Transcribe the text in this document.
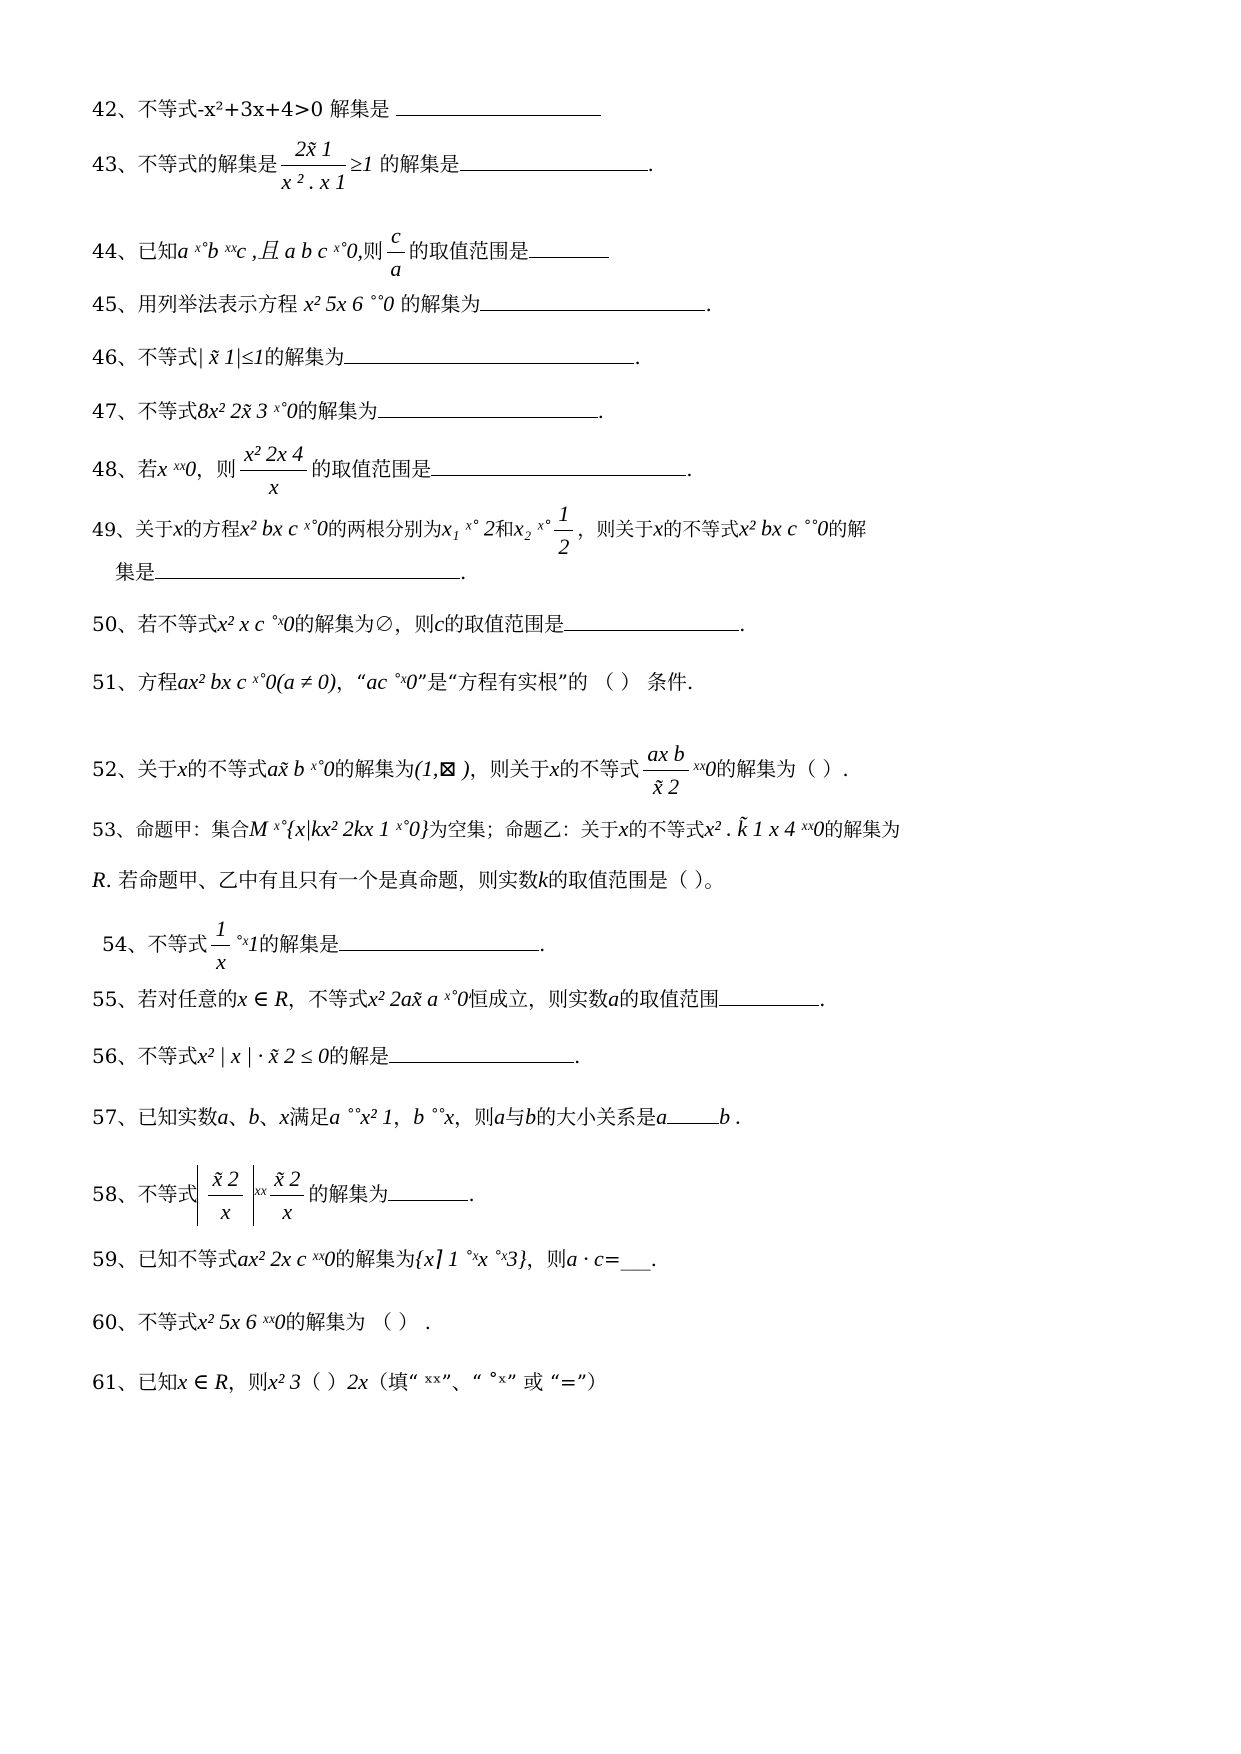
42、不等式-x²+3x+4>0 解集是
43、不等式的解集是 $\frac{2x̃ 1}{\text{x ² . x 1}} \ge 1$ 的解集是	.
44、已知a ˣ˚b ˣˣc ,且 a b c ˣ˚0,则 $\frac{c}{a}$ 的取值范围是
45、用列举法表示方程 x² 5x 6 ˚˚0 的解集为	.
46、不等式| x̃ 1|≤1的解集为	.
47、不等式8x² 2x̃ 3 ˣ˚0的解集为	.
48、若x ˣˣ0，则 $\frac{\text{x² 2x 4}}{x}$ 的取值范围是	.
49、关于x的方程x² bx c ˣ˚0的两根分别为x₁ ˣ˚ 2和x₂ ˣ˚ $\frac{1}{2}$ ，则关于x的不等式x² bx c ˚˚0的解
集是	.
50、若不等式x² x c ˚ˣ0的解集为∅，则c的取值范围是	.
51、方程ax² bx c ˣ˚0(a ≠ 0)，“ac ˚ˣ0”是“方程有实根”的 （ ） 条件.
52、关于x的不等式ax̃ b ˣ˚0的解集为(1,⊠ )，则关于x的不等式 $\frac{\text{ax b}}{x̃ 2}$ ˣˣ0的解集为（ ）.
53、命题甲：集合M ˣ˚{x|kx² 2kx 1 ˣ˚0}为空集；命题乙：关于x的不等式x² . k̃ 1 x 4 ˣˣ0的解集为
R. 若命题甲、乙中有且只有一个是真命题，则实数k的取值范围是（ ）。
54、不等式 $\frac{1}{x}$ ˚ˣ1的解集是	.
55、若对任意的x ∈ R，不等式x² 2ax̃ a ˣ˚0恒成立，则实数a的取值范围	.
56、不等式x² | x | · x̃ 2 ≤ 0的解是	.
57、已知实数a、b、x满足a ˚˚x² 1，b ˚˚x，则a与b的大小关系是a b .
58、不等式 $\frac{x̃ 2}{x}$ ˣˣ $\frac{x̃ 2}{x}$ 的解集为	.
59、已知不等式ax² 2x c ˣˣ0的解集为{x⌉ 1 ˚ˣx ˚ˣ3}，则a · c=___.
60、不等式x² 5x 6 ˣˣ0的解集为 （ ） .
61、已知x ∈ R，则x² 3（ ）2x（填“ ˣˣ”、“ ˚ˣ” 或 “=”）
